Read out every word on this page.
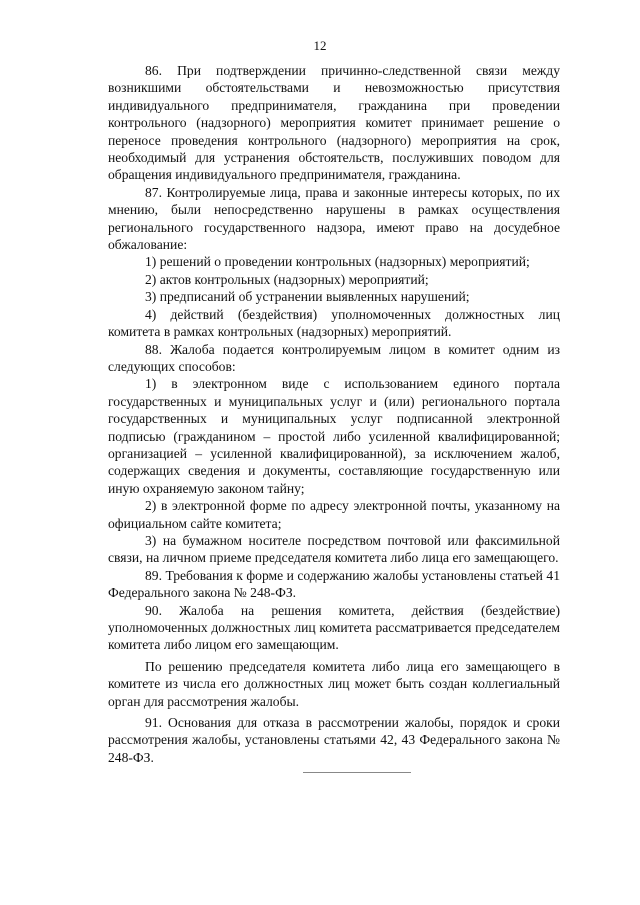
12

86. При подтверждении причинно-следственной связи между возникшими обстоятельствами и невозможностью присутствия индивидуального предпринимателя, гражданина при проведении контрольного (надзорного) мероприятия комитет принимает решение о переносе проведения контрольного (надзорного) мероприятия на срок, необходимый для устранения обстоятельств, послуживших поводом для обращения индивидуального предпринимателя, гражданина.

87. Контролируемые лица, права и законные интересы которых, по их мнению, были непосредственно нарушены в рамках осуществления регионального государственного надзора, имеют право на досудебное обжалование:

1) решений о проведении контрольных (надзорных) мероприятий;

2) актов контрольных (надзорных) мероприятий;

3) предписаний об устранении выявленных нарушений;

4) действий (бездействия) уполномоченных должностных лиц комитета в рамках контрольных (надзорных) мероприятий.

88. Жалоба подается контролируемым лицом в комитет одним из следующих способов:

1) в электронном виде с использованием единого портала государственных и муниципальных услуг и (или) регионального портала государственных и муниципальных услуг подписанной электронной подписью (гражданином – простой либо усиленной квалифицированной; организацией – усиленной квалифицированной), за исключением жалоб, содержащих сведения и документы, составляющие государственную или иную охраняемую законом тайну;

2) в электронной форме по адресу электронной почты, указанному на официальном сайте комитета;

3) на бумажном носителе посредством почтовой или факсимильной связи, на личном приеме председателя комитета либо лица его замещающего.

89. Требования к форме и содержанию жалобы установлены статьей 41 Федерального закона № 248-ФЗ.

90. Жалоба на решения комитета, действия (бездействие) уполномоченных должностных лиц комитета рассматривается председателем комитета либо лицом его замещающим.

По решению председателя комитета либо лица его замещающего в комитете из числа его должностных лиц может быть создан коллегиальный орган для рассмотрения жалобы.

91. Основания для отказа в рассмотрении жалобы, порядок и сроки рассмотрения жалобы, установлены статьями 42, 43 Федерального закона № 248-ФЗ.
